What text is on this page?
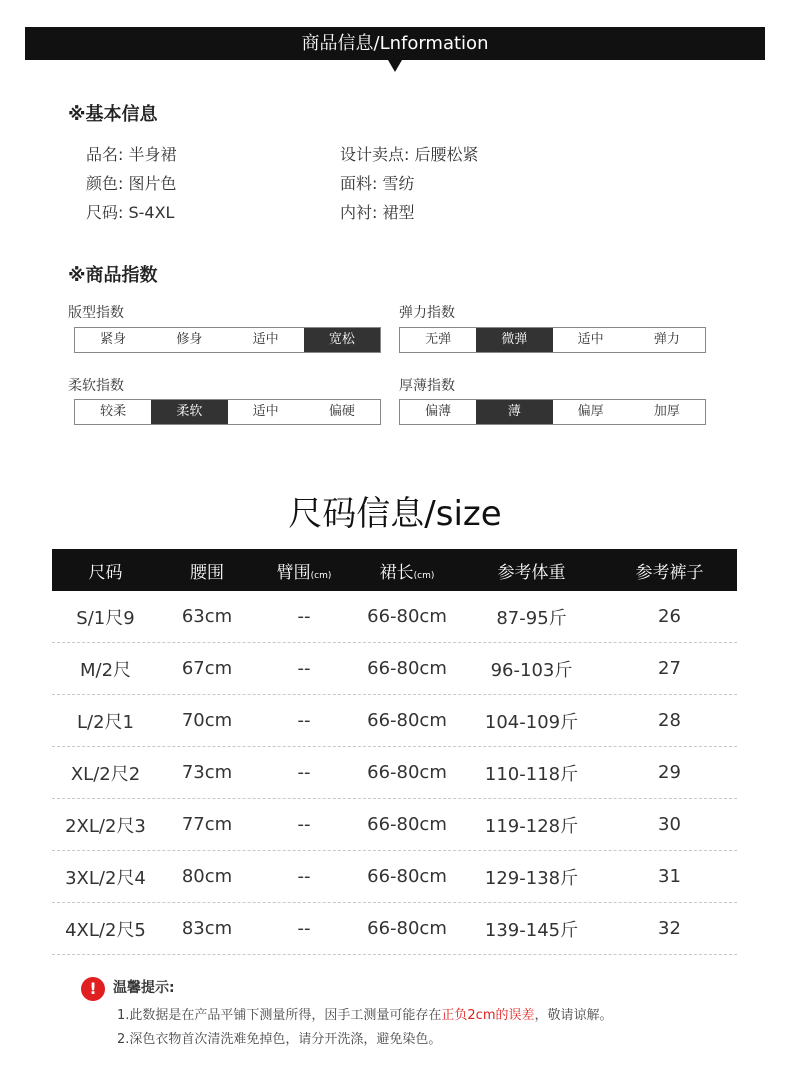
商品信息/Lnformation
※基本信息
品名: 半身裙
颜色: 图片色
尺码: S-4XL
设计卖点: 后腰松紧
面料: 雪纺
内衬: 裙型
※商品指数
版型指数
紧身	修身	适中	宽松
弹力指数
无弹	微弹	适中	弹力
柔软指数
较柔	柔软	适中	偏硬
厚薄指数
偏薄	薄	偏厚	加厚
尺码信息/size
尺码	腰围	臂围(cm)	裙长(cm)	参考体重	参考裤子
S/1尺9	63cm	--	66-80cm	87-95斤	26
M/2尺	67cm	--	66-80cm	96-103斤	27
L/2尺1	70cm	--	66-80cm	104-109斤	28
XL/2尺2	73cm	--	66-80cm	110-118斤	29
2XL/2尺3	77cm	--	66-80cm	119-128斤	30
3XL/2尺4	80cm	--	66-80cm	129-138斤	31
4XL/2尺5	83cm	--	66-80cm	139-145斤	32
!	温馨提示:
1.此数据是在产品平铺下测量所得，因手工测量可能存在正负2cm的误差，敬请谅解。
2.深色衣物首次清洗难免掉色，请分开洗涤，避免染色。
